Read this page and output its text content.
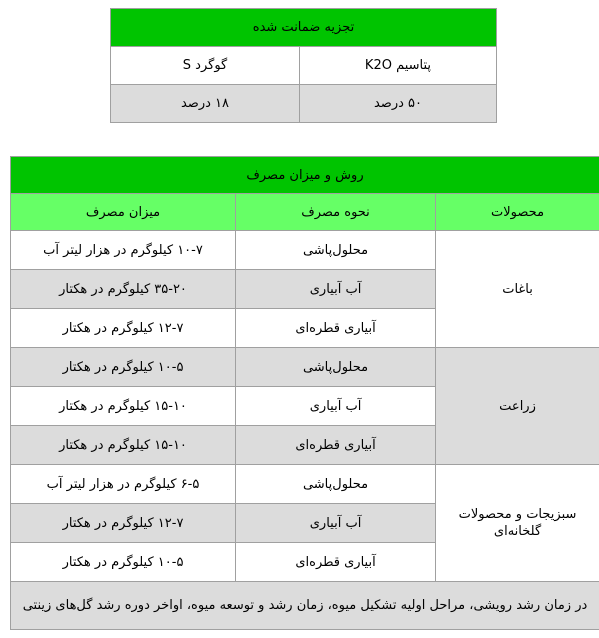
تجزیه ضمانت شده	
پتاسیم K2O	گوگرد S
۵۰ درصد	۱۸ درصد
روش و میزان مصرف		
محصولات	نحوه مصرف	میزان مصرف
باغات	محلول‌پاشی	۱۰-۷ کیلوگرم در هزار لیتر آب
	آب آبیاری	۳۵-۲۰ کیلوگرم در هکتار
	آبیاری قطره‌ای	۱۲-۷ کیلوگرم در هکتار
زراعت	محلول‌پاشی	۱۰-۵ کیلوگرم در هکتار
	آب آبیاری	۱۵-۱۰ کیلوگرم در هکتار
	آبیاری قطره‌ای	۱۵-۱۰ کیلوگرم در هکتار
سبزیجات و محصولات گلخانه‌ای	محلول‌پاشی	۶-۵ کیلوگرم در هزار لیتر آب
	آب آبیاری	۱۲-۷ کیلوگرم در هکتار
	آبیاری قطره‌ای	۱۰-۵ کیلوگرم در هکتار
در زمان رشد رویشی، مراحل اولیه تشکیل میوه، زمان رشد و توسعه میوه، اواخر دوره رشد گل‌های زینتی		
